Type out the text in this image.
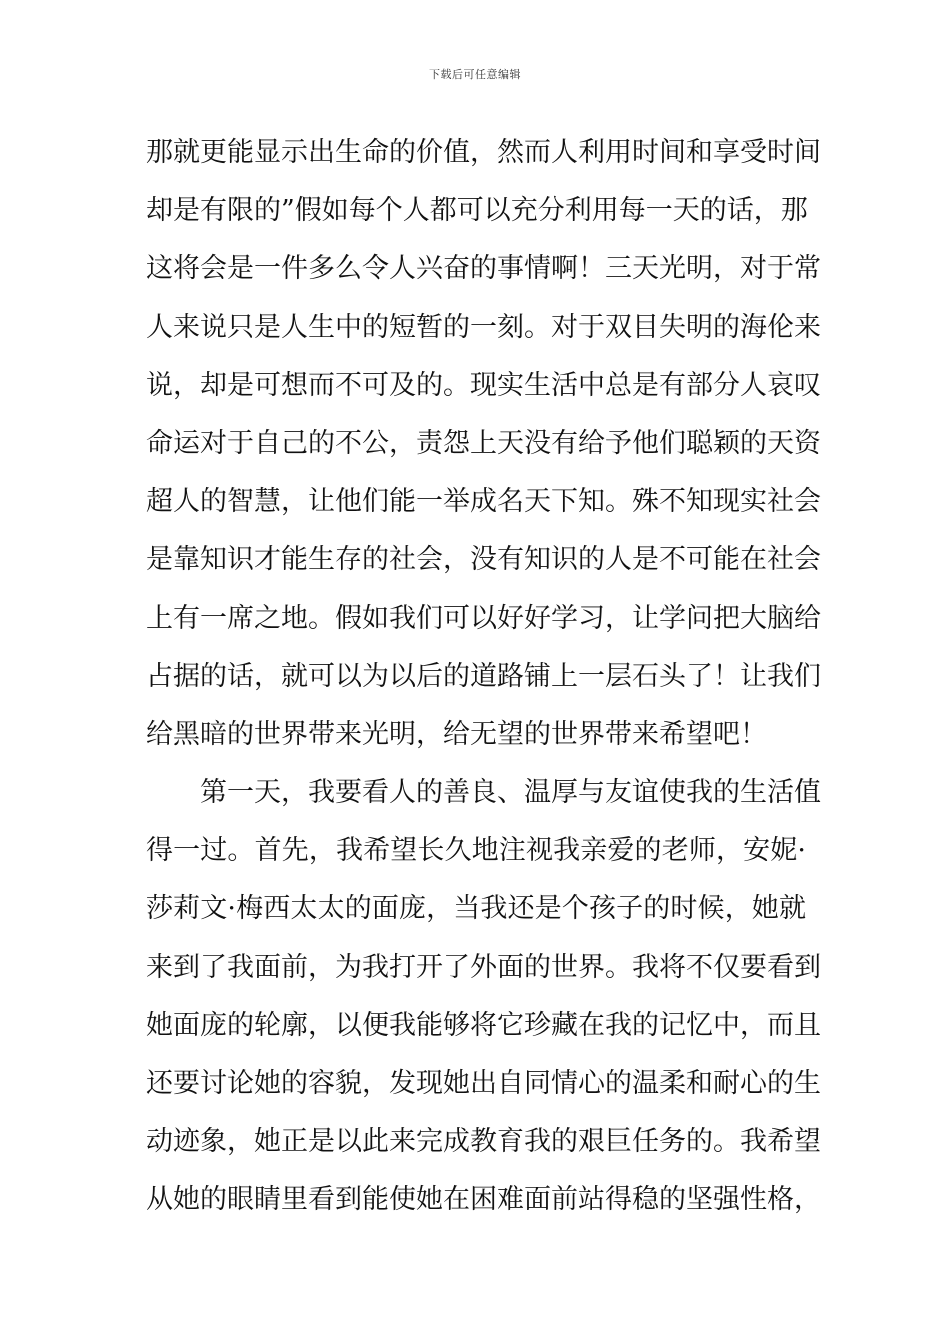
下载后可任意编辑
那就更能显示出生命的价值，然而人利用时间和享受时间
却是有限的”假如每个人都可以充分利用每一天的话，那
这将会是一件多么令人兴奋的事情啊！三天光明，对于常
人来说只是人生中的短暂的一刻。对于双目失明的海伦来
说，却是可想而不可及的。现实生活中总是有部分人哀叹
命运对于自己的不公，责怨上天没有给予他们聪颖的天资
超人的智慧，让他们能一举成名天下知。殊不知现实社会
是靠知识才能生存的社会，没有知识的人是不可能在社会
上有一席之地。假如我们可以好好学习，让学问把大脑给
占据的话，就可以为以后的道路铺上一层石头了！让我们
给黑暗的世界带来光明，给无望的世界带来希望吧！
　　第一天，我要看人的善良、温厚与友谊使我的生活值
得一过。首先，我希望长久地注视我亲爱的老师，安妮·
莎莉文·梅西太太的面庞，当我还是个孩子的时候，她就
来到了我面前，为我打开了外面的世界。我将不仅要看到
她面庞的轮廓，以便我能够将它珍藏在我的记忆中，而且
还要讨论她的容貌，发现她出自同情心的温柔和耐心的生
动迹象，她正是以此来完成教育我的艰巨任务的。我希望
从她的眼睛里看到能使她在困难面前站得稳的坚强性格，
